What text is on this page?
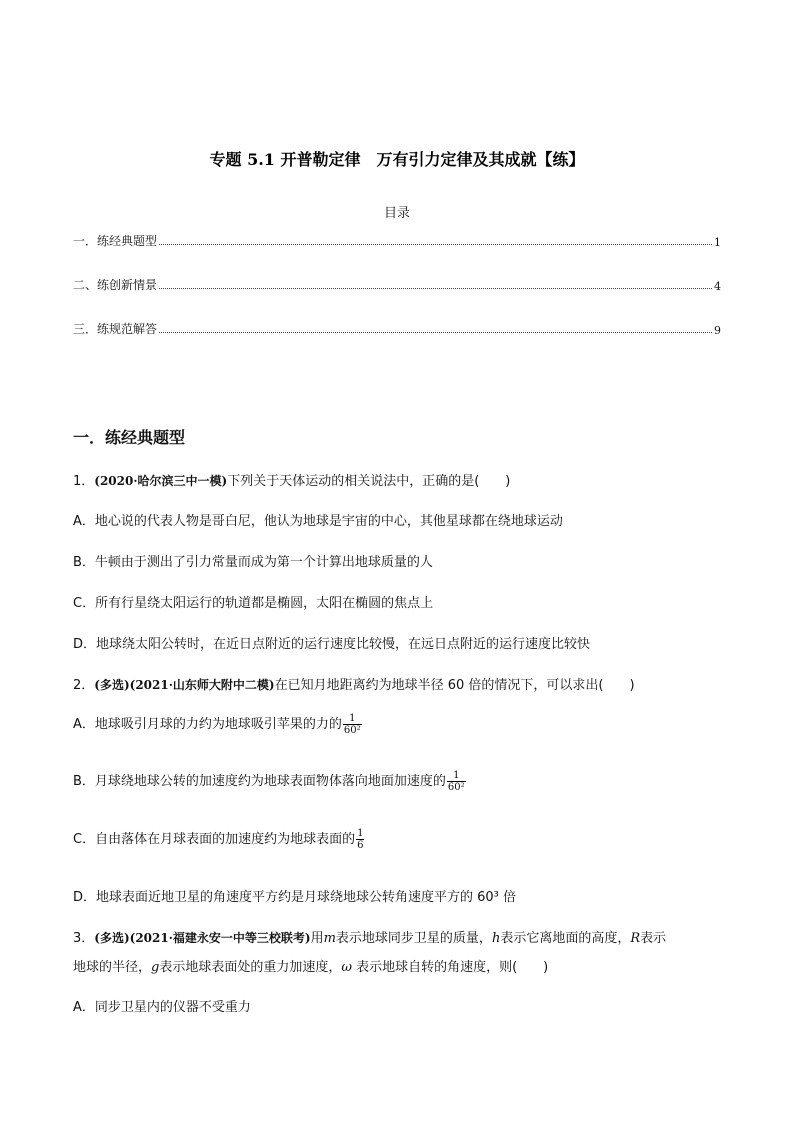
专题 5.1 开普勒定律　万有引力定律及其成就【练】
目录
一．练经典题型	1
二、练创新情景	4
三．练规范解答	9
一．练经典题型
1．(2020·哈尔滨三中一模)下列关于天体运动的相关说法中，正确的是(　　)
A．地心说的代表人物是哥白尼，他认为地球是宇宙的中心，其他星球都在绕地球运动
B．牛顿由于测出了引力常量而成为第一个计算出地球质量的人
C．所有行星绕太阳运行的轨道都是椭圆，太阳在椭圆的焦点上
D．地球绕太阳公转时，在近日点附近的运行速度比较慢，在远日点附近的运行速度比较快
2．(多选)(2021·山东师大附中二模)在已知月地距离约为地球半径 60 倍的情况下，可以求出(　　)
A．地球吸引月球的力约为地球吸引苹果的力的 $\frac{1}{\text{60²}}$
B．月球绕地球公转的加速度约为地球表面物体落向地面加速度的 $\frac{1}{\text{60²}}$
C．自由落体在月球表面的加速度约为地球表面的 $\frac{1}{6}$
D．地球表面近地卫星的角速度平方约是月球绕地球公转角速度平方的 60³ 倍
3．(多选)(2021·福建永安一中等三校联考)用m表示地球同步卫星的质量，h表示它离地面的高度，R表示
地球的半径，g表示地球表面处的重力加速度，ω 表示地球自转的角速度，则(　　)
A．同步卫星内的仪器不受重力
